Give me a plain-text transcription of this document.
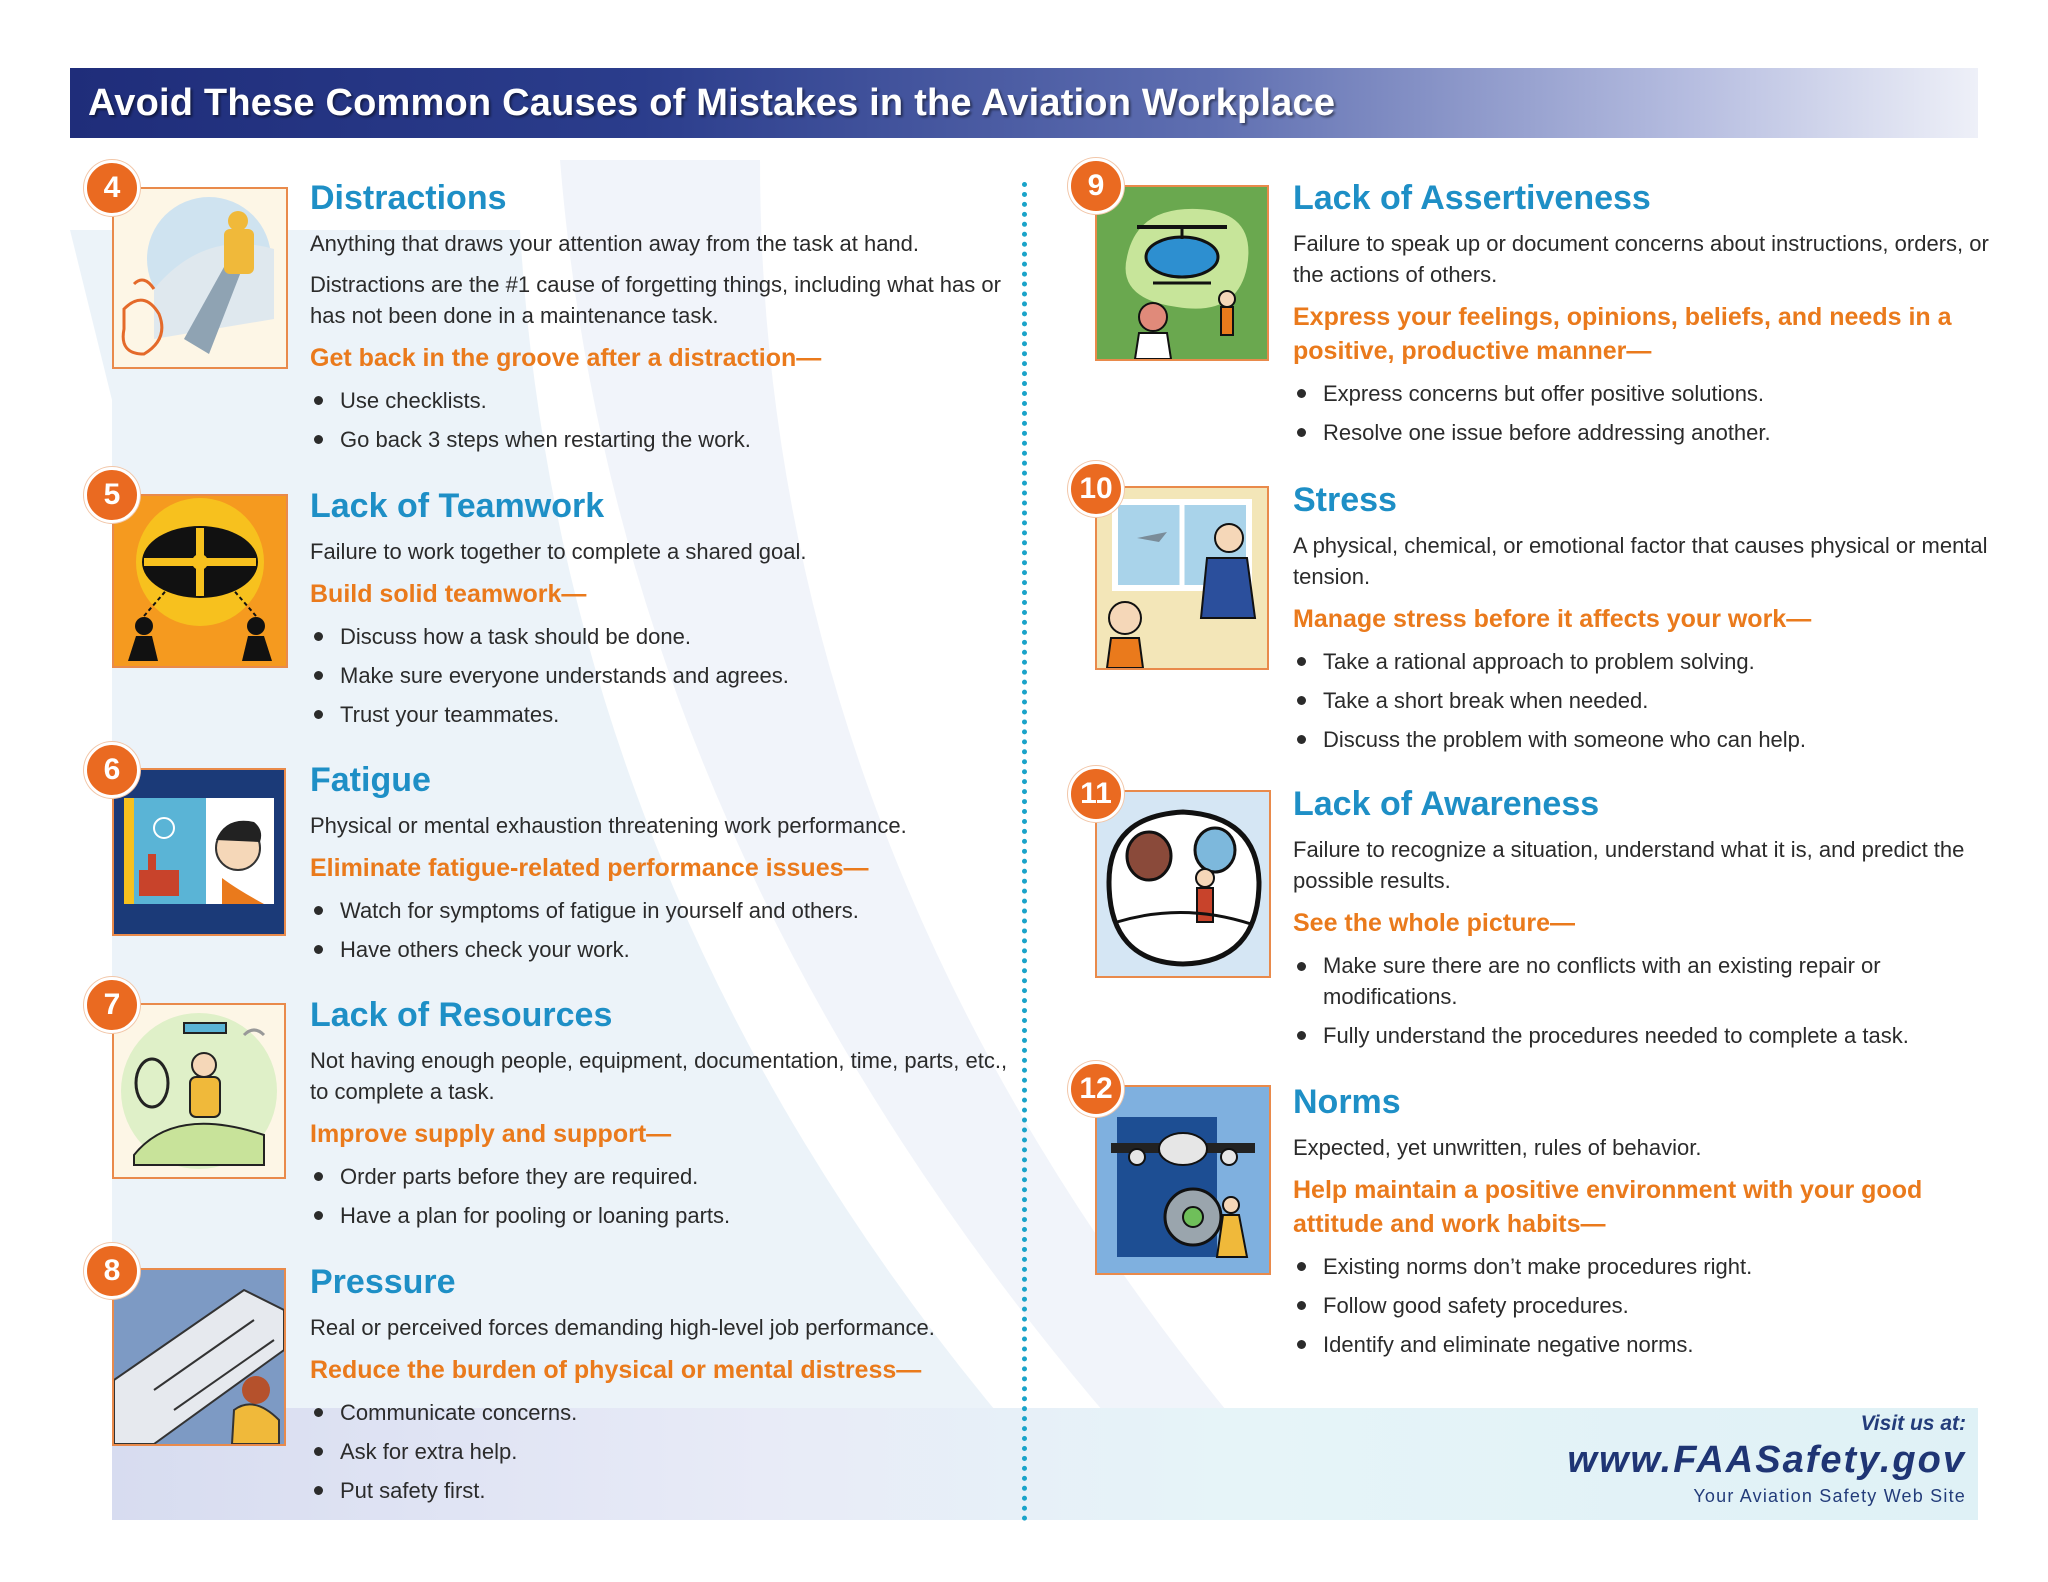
Avoid These Common Causes of Mistakes in the Aviation Workplace
4	Distractions
Anything that draws your attention away from the task at hand.
Distractions are the #1 cause of forgetting things, including what has or has not been done in a maintenance task.
Get back in the groove after a distraction—
Use checklists.
Go back 3 steps when restarting the work.
5	Lack of Teamwork
Failure to work together to complete a shared goal.
Build solid teamwork—
Discuss how a task should be done.
Make sure everyone understands and agrees.
Trust your teammates.
6	Fatigue
Physical or mental exhaustion threatening work performance.
Eliminate fatigue-related performance issues—
Watch for symptoms of fatigue in yourself and others.
Have others check your work.
7	Lack of Resources
Not having enough people, equipment, documentation, time, parts, etc., to complete a task.
Improve supply and support—
Order parts before they are required.
Have a plan for pooling or loaning parts.
8	Pressure
Real or perceived forces demanding high-level job performance.
Reduce the burden of physical or mental distress—
Communicate concerns.
Ask for extra help.
Put safety first.
9	Lack of Assertiveness
Failure to speak up or document concerns about instructions, orders, or the actions of others.
Express your feelings, opinions, beliefs, and needs in a positive, productive manner—
Express concerns but offer positive solutions.
Resolve one issue before addressing another.
10	Stress
A physical, chemical, or emotional factor that causes physical or mental tension.
Manage stress before it affects your work—
Take a rational approach to problem solving.
Take a short break when needed.
Discuss the problem with someone who can help.
11	Lack of Awareness
Failure to recognize a situation, understand what it is, and predict the possible results.
See the whole picture—
Make sure there are no conflicts with an existing repair or modifications.
Fully understand the procedures needed to complete a task.
12	Norms
Expected, yet unwritten, rules of behavior.
Help maintain a positive environment with your good attitude and work habits—
Existing norms don’t make procedures right.
Follow good safety procedures.
Identify and eliminate negative norms.
Visit us at:
www.FAASafety.gov
Your Aviation Safety Web Site
